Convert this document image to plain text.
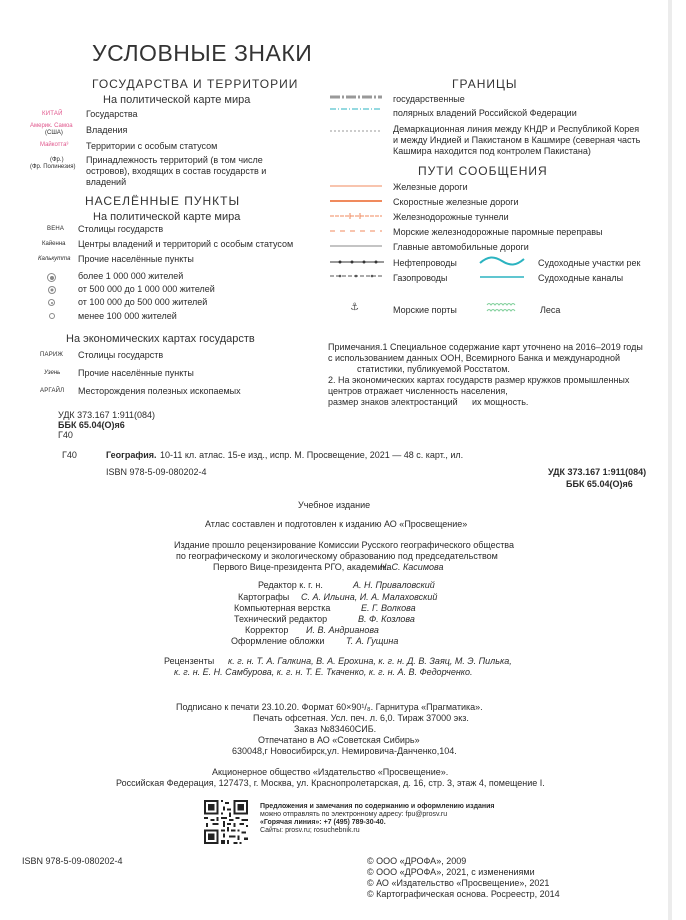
УСЛОВНЫЕ ЗНАКИ
ГОСУДАРСТВА И ТЕРРИТОРИИ
На политической карте мира
КИТАЙ	Государства
Америк. Самоа
(США)	Владения
Майкотта³ Территории с особым статусом
(Фр.)
(Фр. Полинезия)
Принадлежность территорий (в том числе
островов), входящих в состав государств и
владений
НАСЕЛЁННЫЕ ПУНКТЫ
На политической карте мира
ВЕНА Столицы государств
Кайенна Центры владений и территорий с особым статусом
Калькутта Прочие населённые пункты
более 1 000 000 жителей
от 500 000 до 1 000 000 жителей
от 100 000 до 500 000 жителей
менее 100 000 жителей
На экономических картах государств
ПАРИЖ Столицы государств
Узень Прочие населённые пункты
АРГАЙЛ Месторождения полезных ископаемых
ГРАНИЦЫ
государственные
полярных владений Российской Федерации
Демаркационная линия между КНДР и Республикой Корея
и между Индией и Пакистаном в Кашмире (северная часть
Кашмира находится под контролем Пакистана)
ПУТИ СООБЩЕНИЯ
Железные дороги
Скоростные железные дороги
Железнодорожные туннели
Морские железнодорожные паромные переправы
Главные автомобильные дороги
Нефтепроводы
Газопроводы
Судоходные участки рек
Судоходные каналы
⚓	Морские порты	Леса
Примечания.1 Специальное содержание карт уточнено на 2016–2019 годы
с использованием данных ООН, Всемирного Банка и международной
статистики, публикуемой Росстатом.
2. На экономических картах государств размер кружков промышленных
центров отражает численность населения,
размер знаков электростанций их мощность.
УДК 373.167 1:911(084)
ББК 65.04(О)я6
Г40
Г40	География. 10-11 кл. атлас. 15-е изд., испр. М. Просвещение, 2021 — 48 с. карт., ил.
ISBN 978-5-09-080202-4	УДК 373.167 1:911(084)
ББК 65.04(О)я6
Учебное издание
Атлас составлен и подготовлен к изданию АО «Просвещение»
Издание прошло рецензирование Комиссии Русского географического общества
по географическому и экологическому образованию под председательством
Первого Вице-президента РГО, академика
Н. С. Касимова
Редактор к. г. н.	А. Н. Приваловский
Картографы С. А. Ильина, И. А. Малаховский
Компьютерная верстка	Е. Г. Волкова
Технический редактор	В. Ф. Козлова
Корректор И. В. Андрианова
Оформление обложки Т. А. Гущина
Рецензенты к. г. н. Т. А. Галкина, В. А. Ерохина, к. г. н. Д. В. Заяц, М. Э. Пилька,
к. г. н. Е. Н. Самбурова, к. г. н. Т. Е. Ткаченко, к. г. н. А. В. Федорченко.
Подписано к печати 23.10.20. Формат 60×90¹/₈. Гарнитура «Прагматика».
Печать офсетная. Усл. печ. л. 6,0. Тираж 37000 экз.
Заказ №83460СИБ.
Отпечатано в АО «Советская Сибирь»
630048,г Новосибирск,ул. Немировича-Данченко,104.
Акционерное общество «Издательство «Просвещение».
Российская Федерация, 127473, г. Москва, ул. Краснопролетарская, д. 16, стр. 3, этаж 4, помещение I.
Предложения и замечания по содержанию и оформлению издания
можно отправлять по электронному адресу: fpu@prosv.ru
«Горячая линия»: +7 (495) 789-30-40.
Сайты: prosv.ru; rosuchebnik.ru
ISBN 978-5-09-080202-4	© ООО «ДРОФА», 2009
© ООО «ДРОФА», 2021, с изменениями
© АО «Издательство «Просвещение», 2021
© Картографическая основа. Росреестр, 2014
